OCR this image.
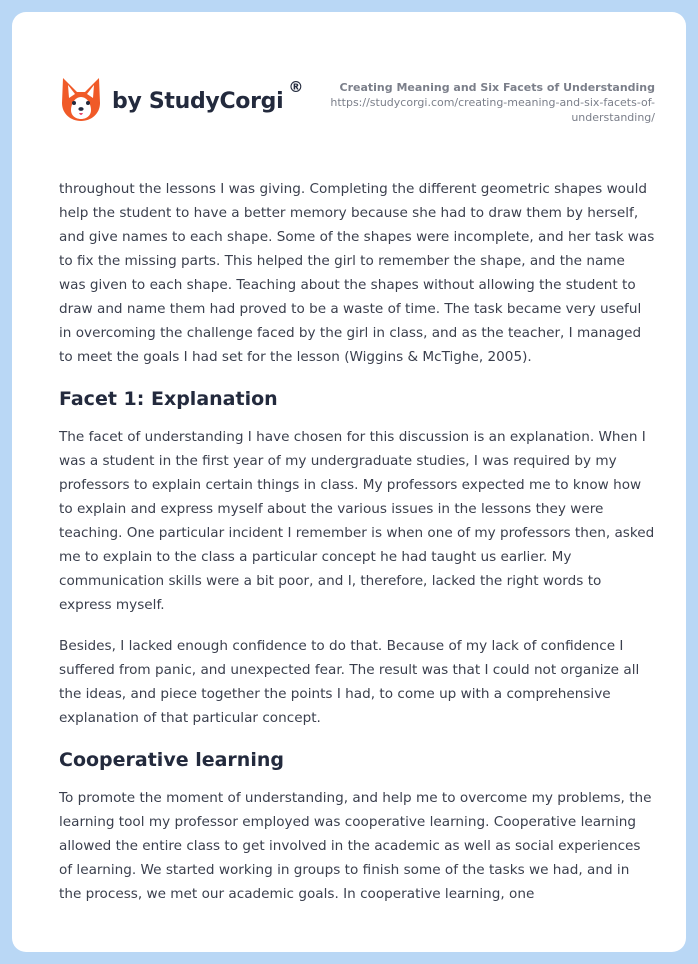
by StudyCorgi
®	Creating Meaning and Six Facets of Understanding
https://studycorgi.com/creating-meaning-and-six-facets-of-understanding/

throughout the lessons I was giving. Completing the different geometric shapes would help the student to have a better memory because she had to draw them by herself, and give names to each shape. Some of the shapes were incomplete, and her task was to fix the missing parts. This helped the girl to remember the shape, and the name was given to each shape. Teaching about the shapes without allowing the student to draw and name them had proved to be a waste of time. The task became very useful in overcoming the challenge faced by the girl in class, and as the teacher, I managed to meet the goals I had set for the lesson (Wiggins & McTighe, 2005).

Facet 1: Explanation

The facet of understanding I have chosen for this discussion is an explanation. When I was a student in the first year of my undergraduate studies, I was required by my professors to explain certain things in class. My professors expected me to know how to explain and express myself about the various issues in the lessons they were teaching. One particular incident I remember is when one of my professors then, asked me to explain to the class a particular concept he had taught us earlier. My communication skills were a bit poor, and I, therefore, lacked the right words to express myself.

Besides, I lacked enough confidence to do that. Because of my lack of confidence I suffered from panic, and unexpected fear. The result was that I could not organize all the ideas, and piece together the points I had, to come up with a comprehensive explanation of that particular concept.

Cooperative learning

To promote the moment of understanding, and help me to overcome my problems, the learning tool my professor employed was cooperative learning. Cooperative learning allowed the entire class to get involved in the academic as well as social experiences of learning. We started working in groups to finish some of the tasks we had, and in the process, we met our academic goals. In cooperative learning, one
